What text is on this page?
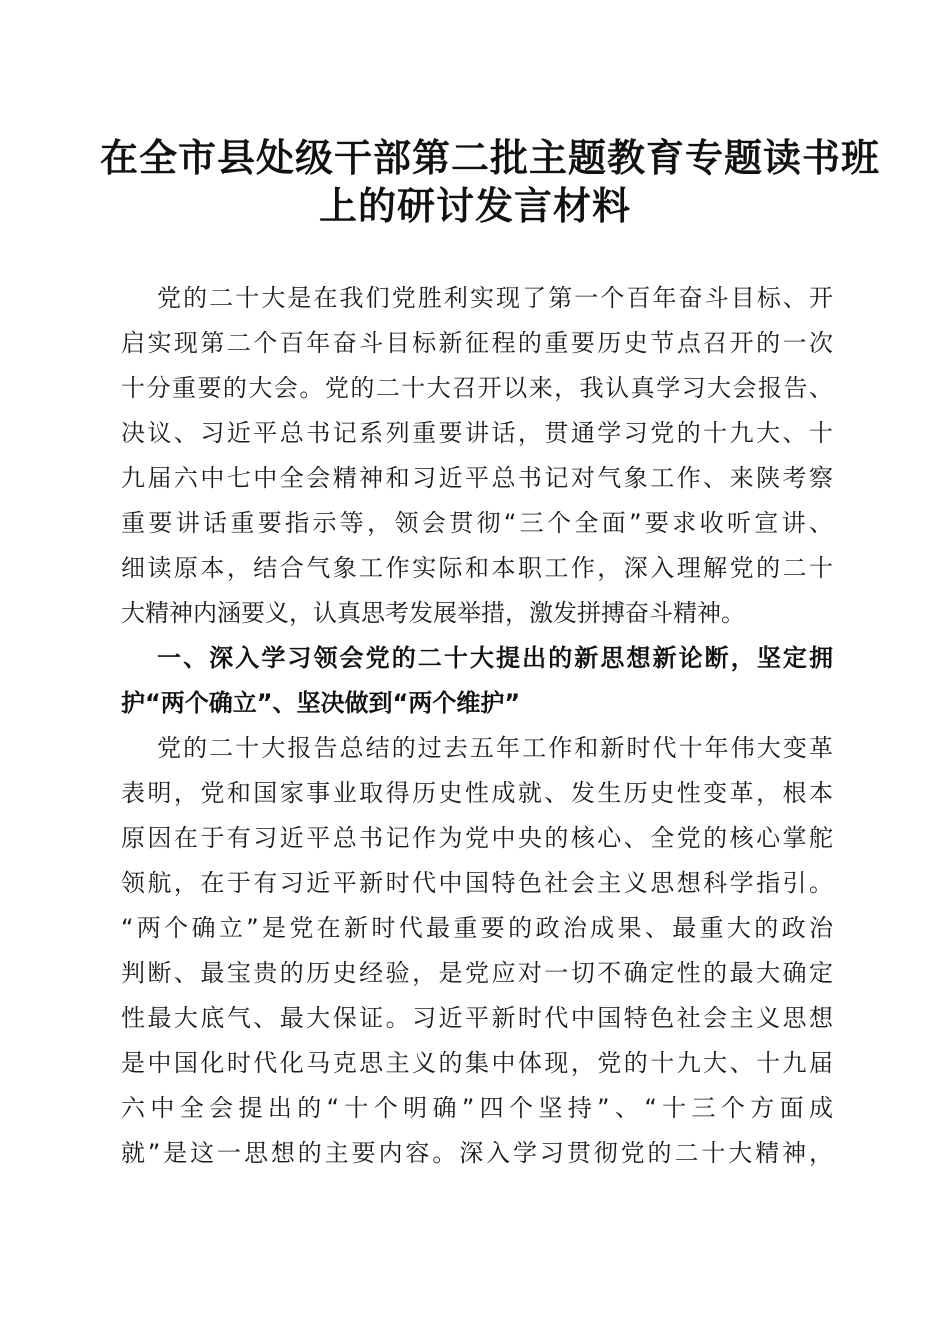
在全市县处级干部第二批主题教育专题读书班
上的研讨发言材料
党的二十大是在我们党胜利实现了第一个百年奋斗目标、开
启实现第二个百年奋斗目标新征程的重要历史节点召开的一次
十分重要的大会。党的二十大召开以来，我认真学习大会报告、
决议、习近平总书记系列重要讲话，贯通学习党的十九大、十
九届六中七中全会精神和习近平总书记对气象工作、来陕考察
重要讲话重要指示等，领会贯彻“三个全面”要求收听宣讲、
细读原本，结合气象工作实际和本职工作，深入理解党的二十
大精神内涵要义，认真思考发展举措，激发拼搏奋斗精神。
一、深入学习领会党的二十大提出的新思想新论断，坚定拥
护“两个确立”、坚决做到“两个维护”
党的二十大报告总结的过去五年工作和新时代十年伟大变革
表明，党和国家事业取得历史性成就、发生历史性变革，根本
原因在于有习近平总书记作为党中央的核心、全党的核心掌舵
领航，在于有习近平新时代中国特色社会主义思想科学指引。
“两个确立”是党在新时代最重要的政治成果、最重大的政治
判断、最宝贵的历史经验，是党应对一切不确定性的最大确定
性最大底气、最大保证。习近平新时代中国特色社会主义思想
是中国化时代化马克思主义的集中体现，党的十九大、十九届
六中全会提出的“十个明确”四个坚持”、“十三个方面成
就”是这一思想的主要内容。深入学习贯彻党的二十大精神，
